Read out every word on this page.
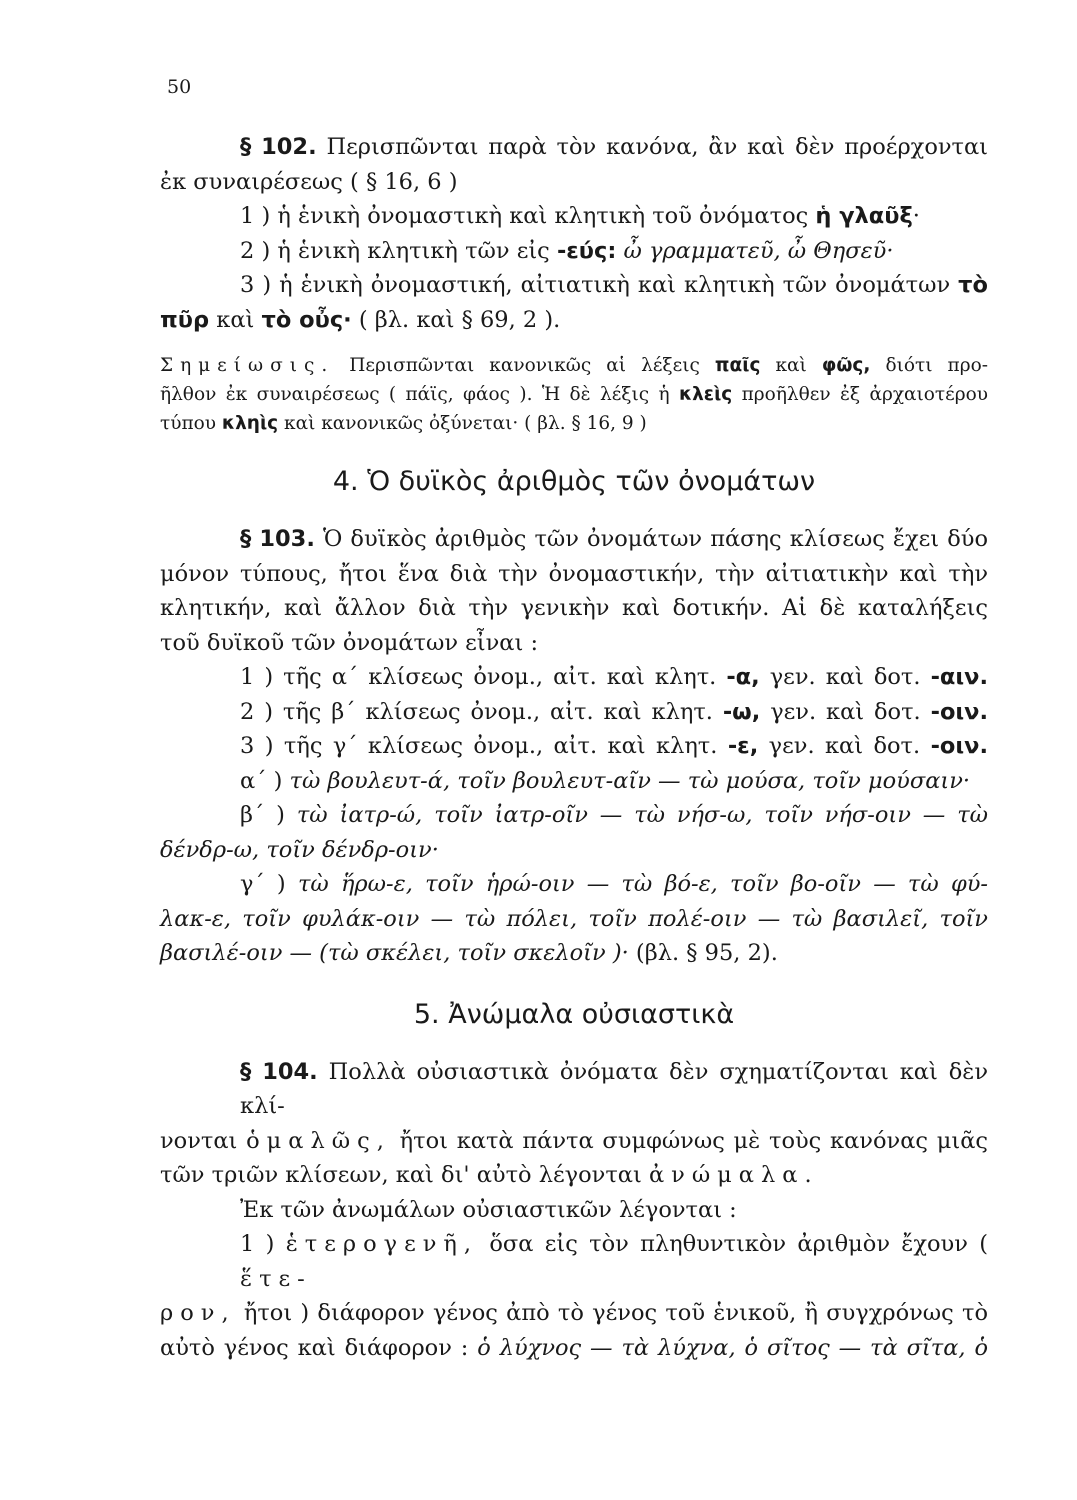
50
§ 102. Περισπῶνται παρὰ τὸν κανόνα, ἂν καὶ δὲν προέρχονται
ἐκ συναιρέσεως ( § 16, 6 )
1 ) ἡ ἑνικὴ ὀνομαστικὴ καὶ κλητικὴ τοῦ ὀνόματος ἡ γλαῦξ·
2 ) ἡ ἑνικὴ κλητικὴ τῶν εἰς -εύς: ὦ γραμματεῦ, ὦ Θησεῦ·
3 ) ἡ ἑνικὴ ὀνομαστική, αἰτιατικὴ καὶ κλητικὴ τῶν ὀνομάτων τὸ
πῦρ καὶ τὸ οὖς· ( βλ. καὶ § 69, 2 ).
Σημείωσις. Περισπῶνται κανονικῶς αἱ λέξεις παῖς καὶ φῶς, διότι προ-
ῆλθον ἐκ συναιρέσεως ( πάϊς, φάος ). Ἡ δὲ λέξις ἡ κλεὶς προῆλθεν ἐξ ἀρχαιοτέρου
τύπου κληὶς καὶ κανονικῶς ὀξύνεται· ( βλ. § 16, 9 )
4. Ὁ δυϊκὸς ἀριθμὸς τῶν ὀνομάτων
§ 103. Ὁ δυϊκὸς ἀριθμὸς τῶν ὀνομάτων πάσης κλίσεως ἔχει δύο
μόνον τύπους, ἤτοι ἕνα διὰ τὴν ὀνομαστικήν, τὴν αἰτιατικὴν καὶ τὴν
κλητικήν, καὶ ἄλλον διὰ τὴν γενικὴν καὶ δοτικήν. Αἱ δὲ καταλήξεις
τοῦ δυϊκοῦ τῶν ὀνομάτων εἶναι :
1 ) τῆς α΄ κλίσεως ὀνομ., αἰτ. καὶ κλητ. -α, γεν. καὶ δοτ. -αιν.
2 ) τῆς β΄ κλίσεως ὀνομ., αἰτ. καὶ κλητ. -ω, γεν. καὶ δοτ. -οιν.
3 ) τῆς γ΄ κλίσεως ὀνομ., αἰτ. καὶ κλητ. -ε, γεν. καὶ δοτ. -οιν.
α΄ ) τὼ βουλευτ-ά, τοῖν βουλευτ-αῖν — τὼ μούσα, τοῖν μούσαιν·
β΄ ) τὼ ἰατρ-ώ, τοῖν ἰατρ-οῖν — τὼ νήσ-ω, τοῖν νήσ-οιν — τὼ
δένδρ-ω, τοῖν δένδρ-οιν·
γ΄ ) τὼ ἥρω-ε, τοῖν ἡρώ-οιν — τὼ βό-ε, τοῖν βο-οῖν — τὼ φύ-
λακ-ε, τοῖν φυλάκ-οιν — τὼ πόλει, τοῖν πολέ-οιν — τὼ βασιλεῖ, τοῖν
βασιλέ-οιν — (τὼ σκέλει, τοῖν σκελοῖν )· (βλ. § 95, 2).
5. Ἀνώμαλα οὐσιαστικὰ
§ 104. Πολλὰ οὐσιαστικὰ ὀνόματα δὲν σχηματίζονται καὶ δὲν κλί-
νονται ὁμαλῶς, ἤτοι κατὰ πάντα συμφώνως μὲ τοὺς κανόνας μιᾶς
τῶν τριῶν κλίσεων, καὶ δι' αὐτὸ λέγονται ἀνώμαλα.
Ἐκ τῶν ἀνωμάλων οὐσιαστικῶν λέγονται :
1 ) ἑτερογενῆ, ὅσα εἰς τὸν πληθυντικὸν ἀριθμὸν ἔχουν ( ἕτε-
ρον, ἤτοι ) διάφορον γένος ἀπὸ τὸ γένος τοῦ ἑνικοῦ, ἢ συγχρόνως τὸ
αὐτὸ γένος καὶ διάφορον : ὁ λύχνος — τὰ λύχνα, ὁ σῖτος — τὰ σῖτα, ὁ
